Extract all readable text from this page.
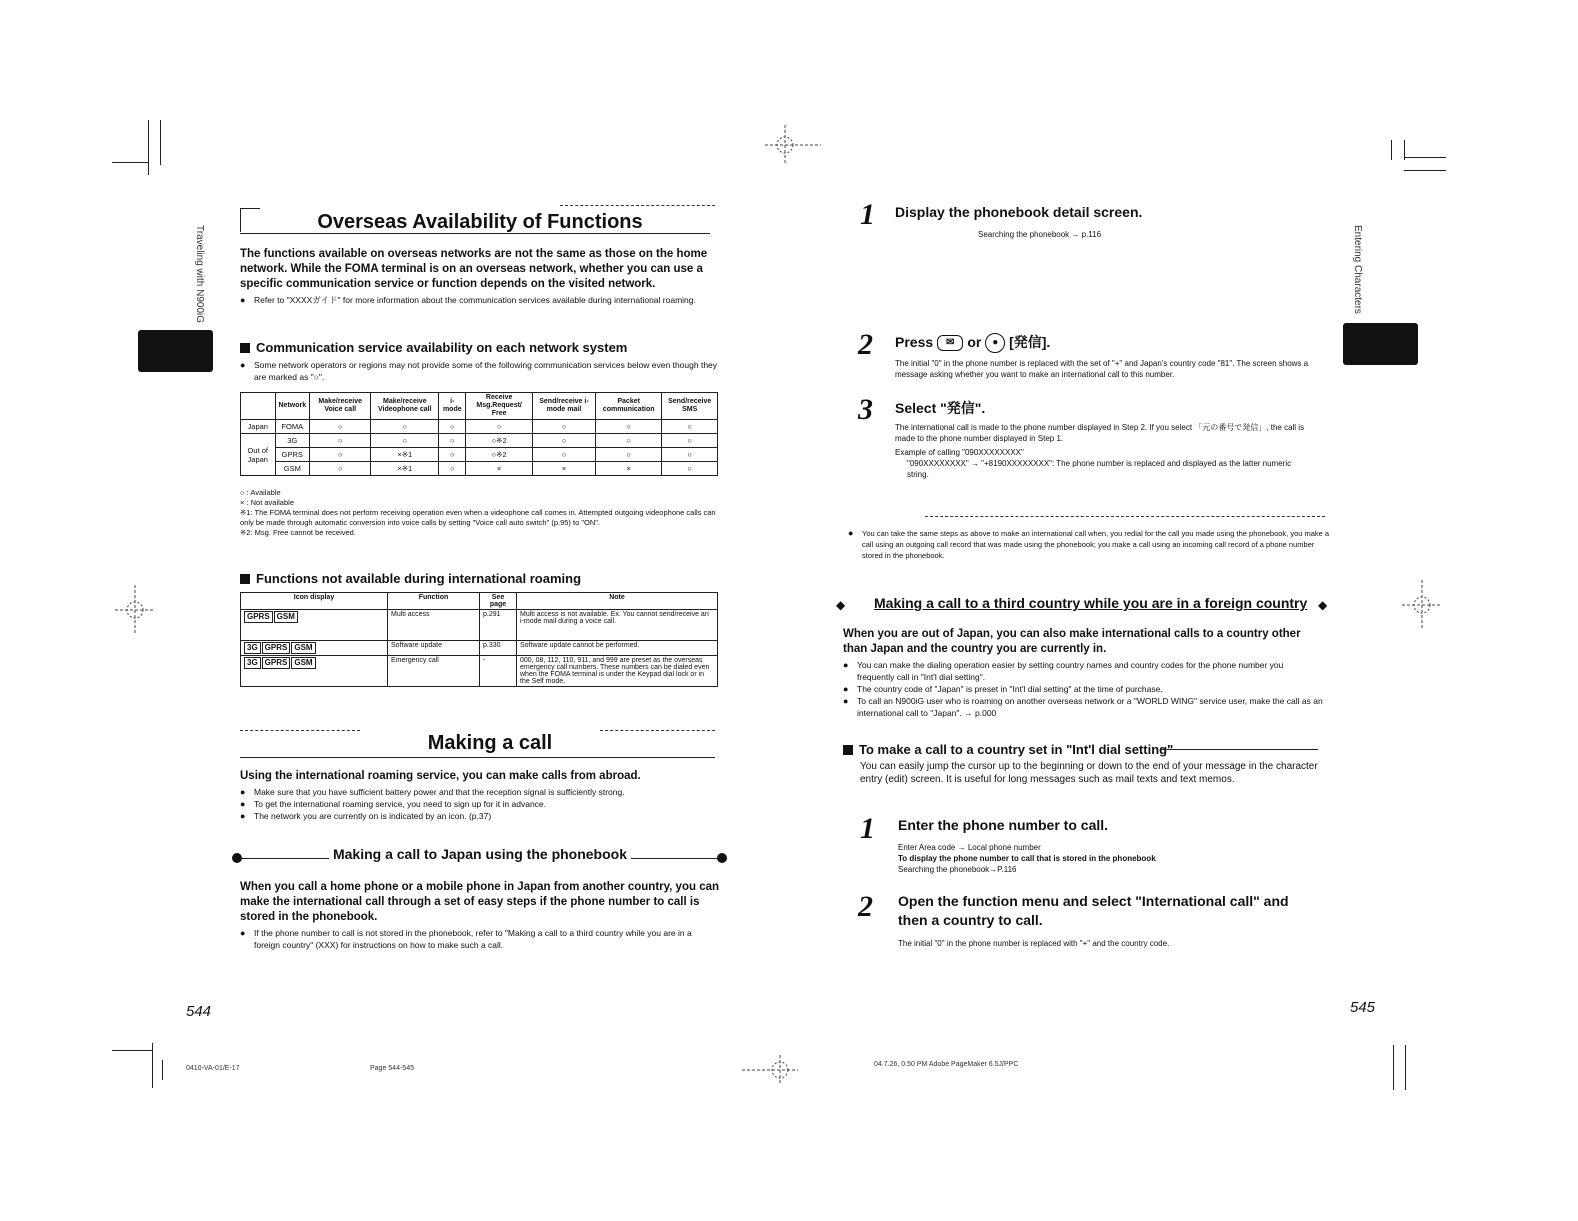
Traveling with N900iG
Overseas Availability of Functions

The functions available on overseas networks are not the same as those on the home network. While the FOMA terminal is on an overseas network, whether you can use a specific communication service or function depends on the visited network.

● Refer to "XXXXガイド" for more information about the communication services available during international roaming.

Communication service availability on each network system

● Some network operators or regions may not provide some of the following communication services below even though they are marked as "○".

	Network	Make/receive Voice call	Make/receive Videophone call	i-mode	Receive Msg.Request/ Free	Send/receive i-mode mail	Packet communication	Send/receive SMS
Japan	FOMA	○	○	○	○	○	○	○
Out of Japan	3G	○	○	○	○※2	○	○	○
	GPRS	○	×※1	○	○※2	○	○	○
	GSM	○	×※1	○	×	×	×	○
○ : Available
× : Not available
※1: The FOMA terminal does not perform receiving operation even when a videophone call comes in. Attempted outgoing videophone calls can only be made through automatic conversion into voice calls by setting "Voice call auto switch" (p.95) to "ON".
※2: Msg. Free cannot be received.
Functions not available during international roaming
Icon display	Function	See page	Note
GPRS GSM	Multi access	p.291	Multi access is not available. Ex. You cannot send/receive an i-mode mail during a voice call.
3G GPRS GSM	Software update	p.330	Software update cannot be performed.
3G GPRS GSM	Emergency call	-	000, 08, 112, 110, 911, and 999 are preset as the overseas emergency call numbers. These numbers can be dialed even when the FOMA terminal is under the Keypad dial lock or in the Self mode.
Making a call

Using the international roaming service, you can make calls from abroad.

● Make sure that you have sufficient battery power and that the reception signal is sufficiently strong.

● To get the international roaming service, you need to sign up for it in advance.

● The network you are currently on is indicated by an icon. (p.37)

Making a call to Japan using the phonebook

When you call a home phone or a mobile phone in Japan from another country, you can make the international call through a set of easy steps if the phone number to call is stored in the phonebook.

● If the phone number to call is not stored in the phonebook, refer to "Making a call to a third country while you are in a foreign country" (XXX) for instructions on how to make such a call.

544
0410-VA-01/E-17	Page 544-545
Entering Characters
1 Display the phonebook detail screen.
Searching the phonebook → p.116
2 Press ✉ or ● [発信].
The initial "0" in the phone number is replaced with the set of "+" and Japan's country code "81". The screen shows a message asking whether you want to make an international call to this number.
3 Select "発信".
The international call is made to the phone number displayed in Step 2. If you select 「元の番号で発信」, the call is made to the phone number displayed in Step 1.
Example of calling "090XXXXXXXX"
"090XXXXXXXX" → "+8190XXXXXXXX": The phone number is replaced and displayed as the latter numeric string.
● You can take the same steps as above to make an international call when, you redial for the call you made using the phonebook, you make a call using an outgoing call record that was made using the phonebook; you make a call using an incoming call record of a phone number stored in the phonebook.
◆	◆
Making a call to a third country while you are in a foreign country

When you are out of Japan, you can also make international calls to a country other than Japan and the country you are currently in.

● You can make the dialing operation easier by setting country names and country codes for the phone number you frequently call in "Int'l dial setting".

● The country code of "Japan" is preset in "Int'l dial setting" at the time of purchase.

● To call an N900iG user who is roaming on another overseas network or a "WORLD WING" service user, make the call as an international call to "Japan". → p.000

To make a call to a country set in "Int'l dial setting"
You can easily jump the cursor up to the beginning or down to the end of your message in the character entry (edit) screen. It is useful for long messages such as mail texts and text memos.
1 Enter the phone number to call.
Enter Area code → Local phone number
To display the phone number to call that is stored in the phonebook
Searching the phonebook→P.116
2 Open the function menu and select "International call" and then a country to call.
The initial "0" in the phone number is replaced with "+" and the country code.
545
04.7.26, 0.50 PM Adobe PageMaker 6.5J/PPC
